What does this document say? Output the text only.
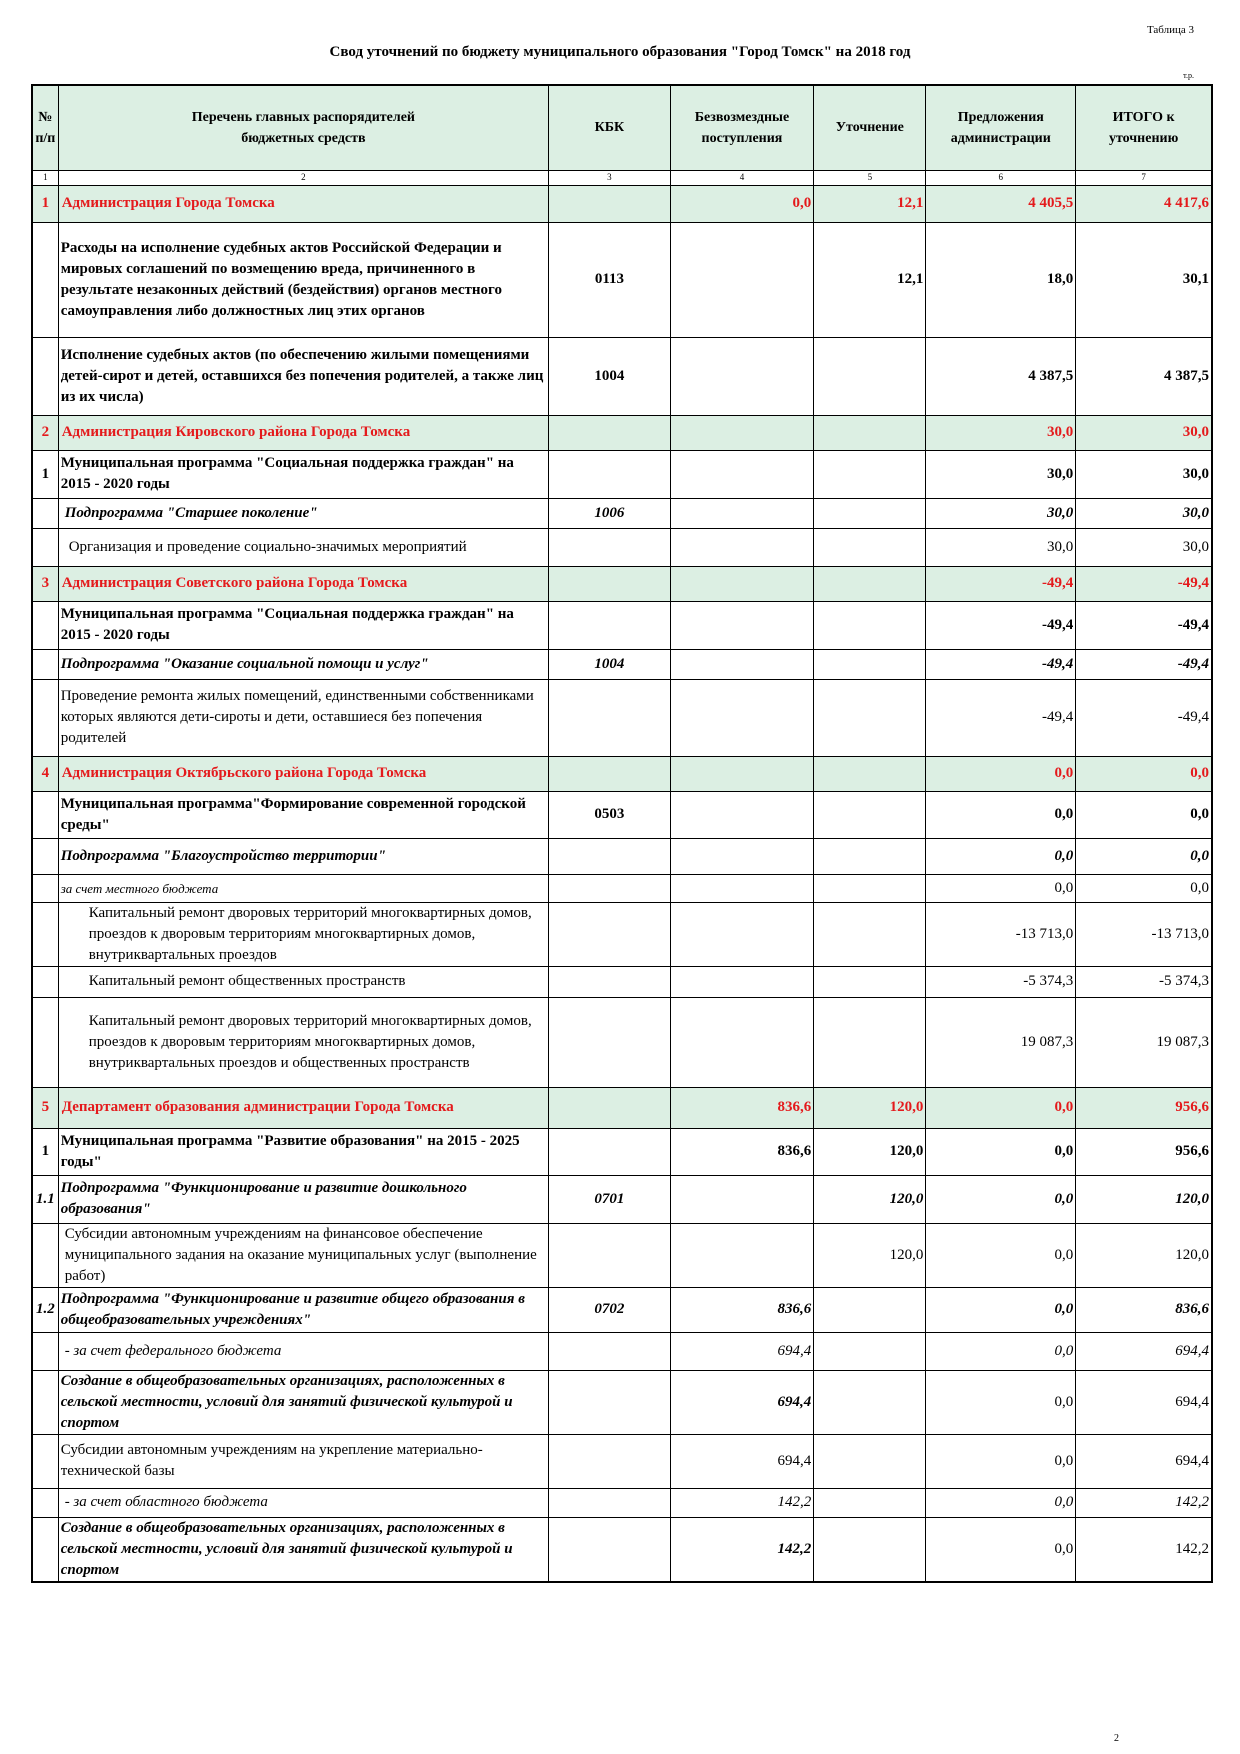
Таблица 3
Свод уточнений по бюджету муниципального образования "Город Томск" на 2018 год
т.р.
№ п/п	Перечень главных распорядителей бюджетных средств	КБК	Безвозмездные поступления	Уточнение	Предложения администрации	ИТОГО к уточнению
1	2	3	4	5	6	7
1	Администрация Города Томска		0,0	12,1	4 405,5	4 417,6
	Расходы на исполнение судебных актов Российской Федерации и мировых соглашений по возмещению вреда, причиненного в результате незаконных действий (бездействия) органов местного самоуправления либо должностных лиц этих органов	0113		12,1	18,0	30,1
	Исполнение судебных актов (по обеспечению жилыми помещениями детей-сирот и детей, оставшихся без попечения родителей, а также лиц из их числа)	1004			4 387,5	4 387,5
2	Администрация Кировского района Города Томска				30,0	30,0
1	Муниципальная программа "Социальная поддержка граждан" на 2015 - 2020 годы				30,0	30,0
	Подпрограмма "Старшее поколение"	1006			30,0	30,0
	Организация и проведение социально-значимых мероприятий				30,0	30,0
3	Администрация Советского района Города Томска				-49,4	-49,4
	Муниципальная программа "Социальная поддержка граждан" на 2015 - 2020 годы				-49,4	-49,4
	Подпрограмма "Оказание социальной помощи и услуг"	1004			-49,4	-49,4
	Проведение ремонта жилых помещений, единственными собственниками которых являются дети-сироты и дети, оставшиеся без попечения родителей				-49,4	-49,4
4	Администрация Октябрьского района Города Томска				0,0	0,0
	Муниципальная программа"Формирование современной городской среды"	0503			0,0	0,0
	Подпрограмма "Благоустройство территории"				0,0	0,0
	за счет местного бюджета				0,0	0,0
	Капитальный ремонт дворовых территорий многоквартирных домов, проездов к дворовым территориям многоквартирных домов, внутриквартальных проездов				-13 713,0	-13 713,0
	Капитальный ремонт общественных пространств				-5 374,3	-5 374,3
	Капитальный ремонт дворовых территорий многоквартирных домов, проездов к дворовым территориям многоквартирных домов, внутриквартальных проездов и общественных пространств				19 087,3	19 087,3
5	Департамент образования администрации Города Томска		836,6	120,0	0,0	956,6
1	Муниципальная программа "Развитие образования" на 2015 - 2025 годы"		836,6	120,0	0,0	956,6
1.1	Подпрограмма "Функционирование и развитие дошкольного образования"	0701		120,0	0,0	120,0
	Субсидии автономным учреждениям на финансовое обеспечение муниципального задания на оказание муниципальных услуг (выполнение работ)			120,0	0,0	120,0
1.2	Подпрограмма "Функционирование и развитие общего образования в общеобразовательных учреждениях"	0702	836,6		0,0	836,6
	- за счет федерального бюджета		694,4		0,0	694,4
	Создание в общеобразовательных организациях, расположенных в сельской местности, условий для занятий физической культурой и спортом		694,4		0,0	694,4
	Субсидии автономным учреждениям на укрепление материально-технической базы		694,4		0,0	694,4
	- за счет областного бюджета		142,2		0,0	142,2
	Создание в общеобразовательных организациях, расположенных в сельской местности, условий для занятий физической культурой и спортом		142,2		0,0	142,2
2
